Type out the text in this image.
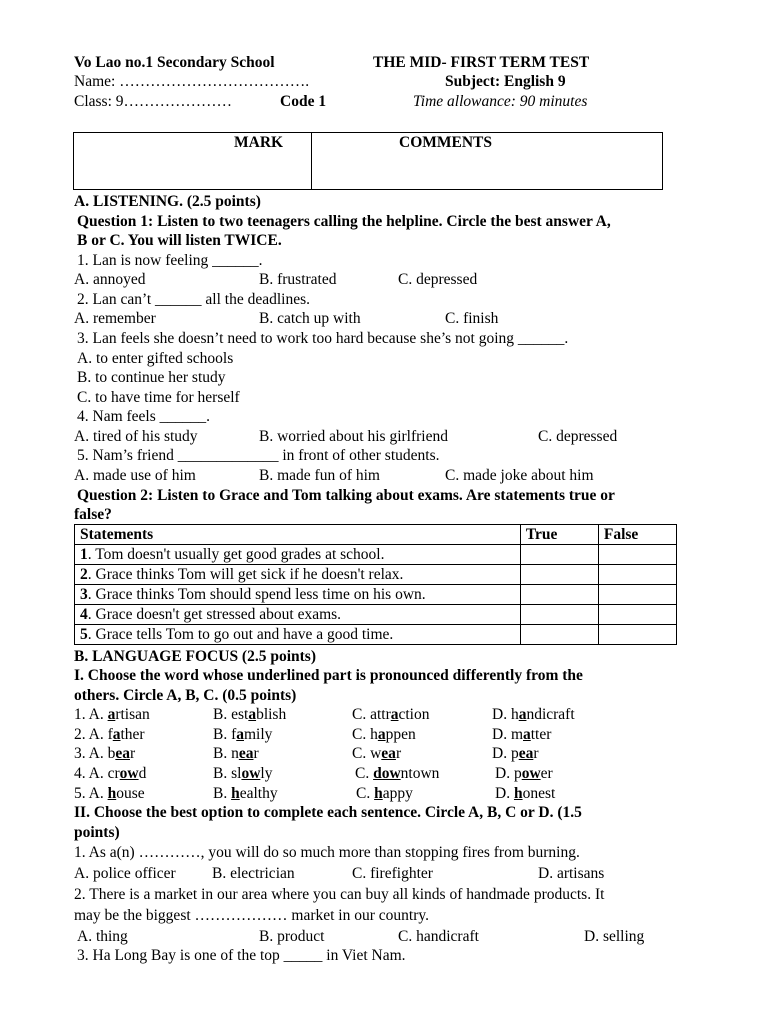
Vo Lao no.1 Secondary School	THE MID- FIRST TERM TEST
Name: ……………………………….	Subject: English 9
Class: 9…………………	Code 1	Time allowance: 90 minutes
MARK	COMMENTS
A. LISTENING. (2.5 points)
Question 1: Listen to two teenagers calling the helpline. Circle the best answer A,
B or C. You will listen TWICE.
1. Lan is now feeling ______.
A. annoyed	B. frustrated	C. depressed
2. Lan can’t ______ all the deadlines.
A. remember	B. catch up with	C. finish
3. Lan feels she doesn’t need to work too hard because she’s not going ______.
A. to enter gifted schools
B. to continue her study
C. to have time for herself
4. Nam feels ______.
A. tired of his study	B. worried about his girlfriend	C. depressed
5. Nam’s friend _____________ in front of other students.
A. made use of him	B. made fun of him	C. made joke about him
Question 2: Listen to Grace and Tom talking about exams. Are statements true or
false?
Statements	True	False
1. Tom doesn't usually get good grades at school.		
2. Grace thinks Tom will get sick if he doesn't relax.		
3. Grace thinks Tom should spend less time on his own.		
4. Grace doesn't get stressed about exams.		
5. Grace tells Tom to go out and have a good time.		
B. LANGUAGE FOCUS (2.5 points)
I. Choose the word whose underlined part is pronounced differently from the
others. Circle A, B, C. (0.5 points)
1. A. artisan	B. establish	C. attraction	D. handicraft
2. A. father	B. family	C. happen	D. matter
3. A. bear	B. near	C. wear	D. pear
4. A. crowd	B. slowly	C. downtown	D. power
5. A. house	B. healthy	C. happy	D. honest
II. Choose the best option to complete each sentence. Circle A, B, C or D. (1.5
points)
1. As a(n) …………, you will do so much more than stopping fires from burning.
A. police officer B. electrician	C. firefighter	D. artisans
2. There is a market in our area where you can buy all kinds of handmade products. It
may be the biggest ……………… market in our country.
A. thing	B. product	C. handicraft	D. selling
3. Ha Long Bay is one of the top _____ in Viet Nam.
